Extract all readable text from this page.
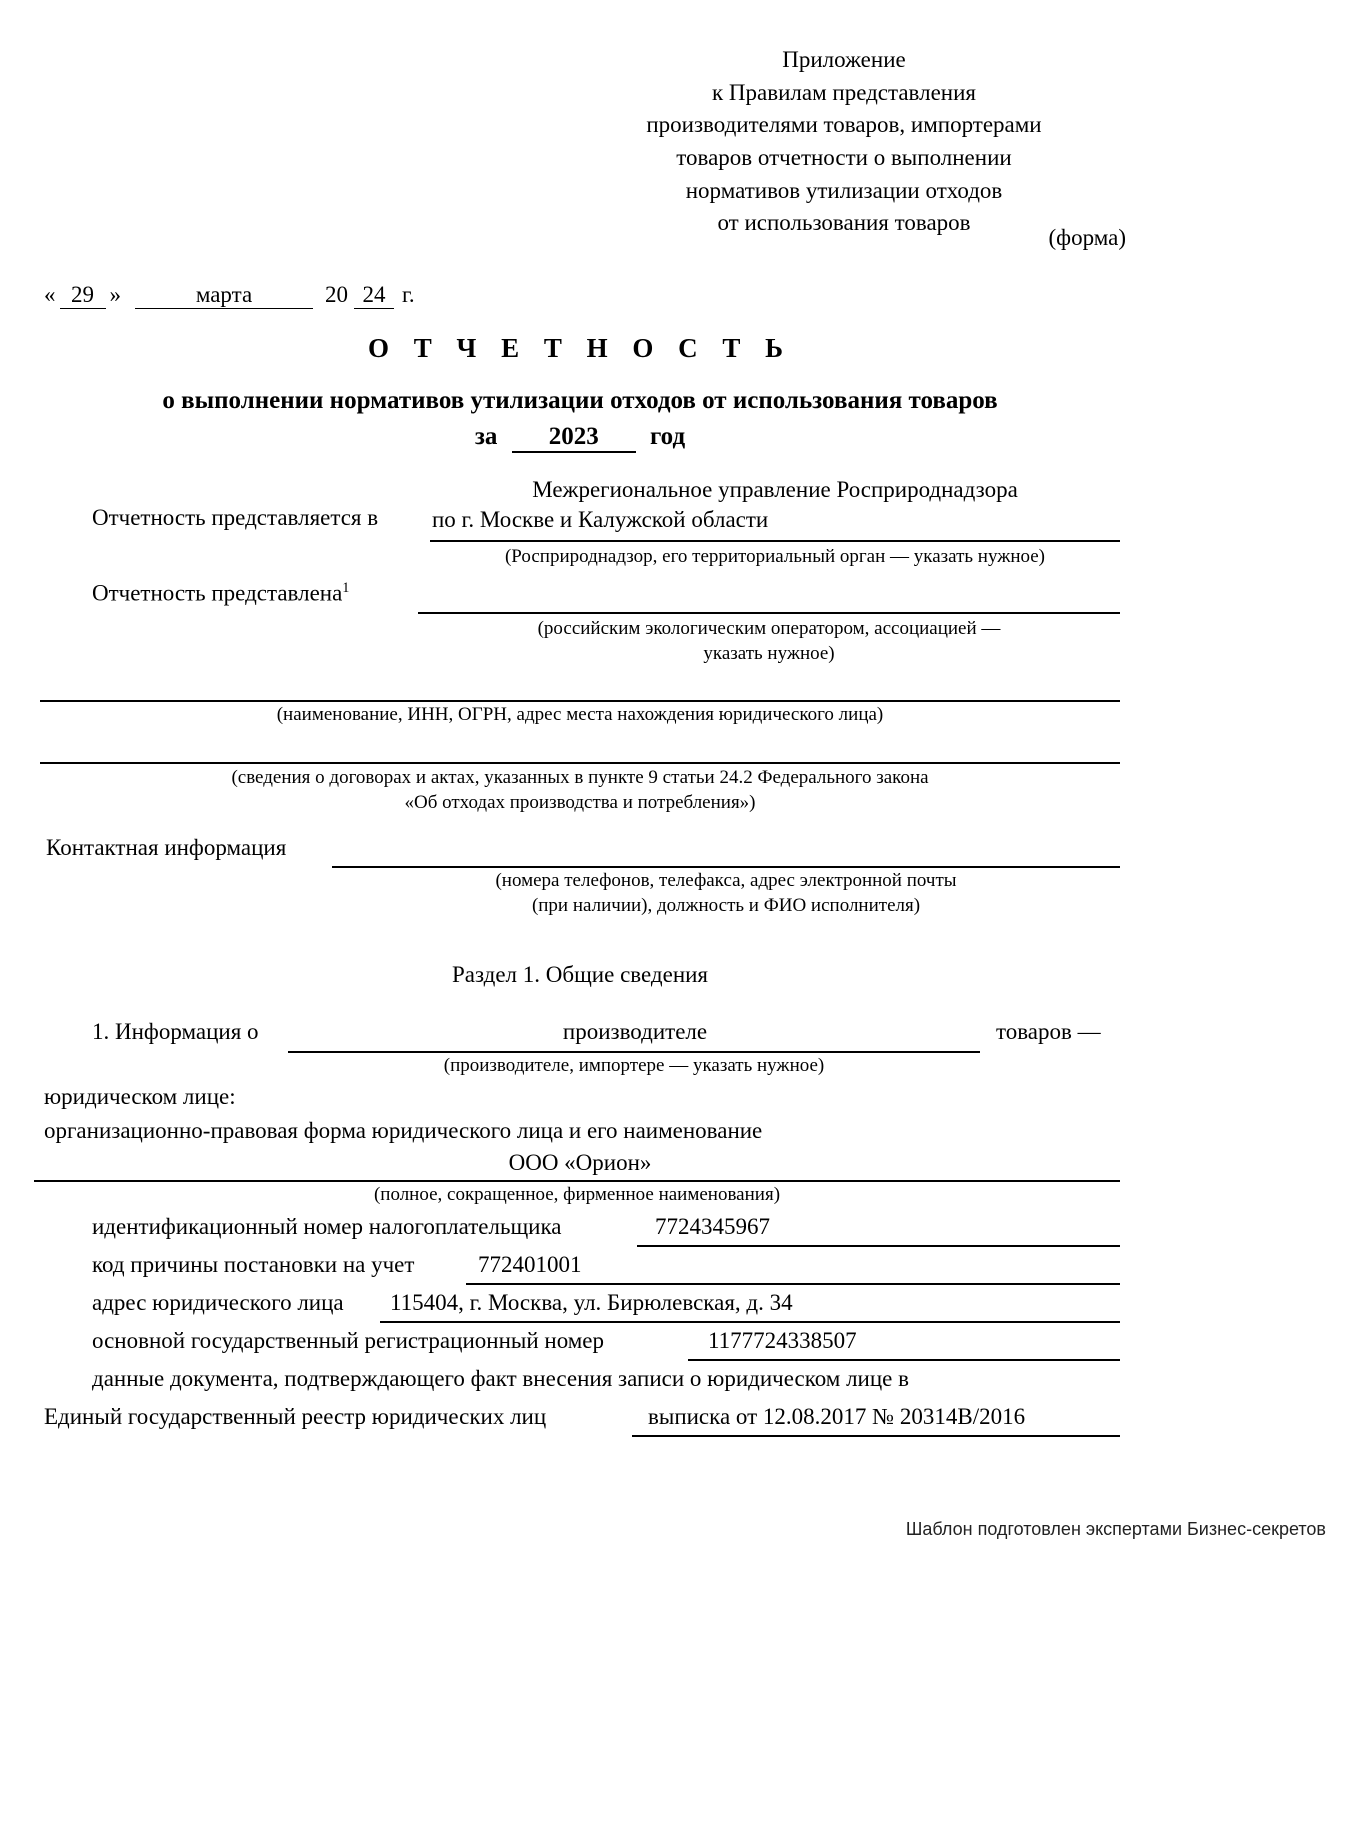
Приложение
к Правилам представления
производителями товаров, импортерами
товаров отчетности о выполнении
нормативов утилизации отходов
от использования товаров
(форма)
« 29 »	марта	20 24 г.
О Т Ч Е Т Н О С Т Ь
о выполнении нормативов утилизации отходов от использования товаров
за 2023 год
Отчетность представляется в
Межрегиональное управление Росприроднадзора
по г. Москве и Калужской области
(Росприроднадзор, его территориальный орган — указать нужное)
Отчетность представлена$^1$
(российским экологическим оператором, ассоциацией —
указать нужное)
(наименование, ИНН, ОГРН, адрес места нахождения юридического лица)
(сведения о договорах и актах, указанных в пункте 9 статьи 24.2 Федерального закона
«Об отходах производства и потребления»)
Контактная информация
(номера телефонов, телефакса, адрес электронной почты
(при наличии), должность и ФИО исполнителя)
Раздел 1. Общие сведения
1. Информация о	производителе	товаров —
(производителе, импортере — указать нужное)
юридическом лице:
организационно-правовая форма юридического лица и его наименование
ООО «Орион»
(полное, сокращенное, фирменное наименования)
идентификационный номер налогоплательщика	7724345967
код причины постановки на учет	772401001
адрес юридического лица 115404, г. Москва, ул. Бирюлевская, д. 34
основной государственный регистрационный номер	1177724338507
данные документа, подтверждающего факт внесения записи о юридическом лице в
Единый государственный реестр юридических лиц	выписка от 12.08.2017 № 20314В/2016
Шаблон подготовлен экспертами Бизнес-секретов
